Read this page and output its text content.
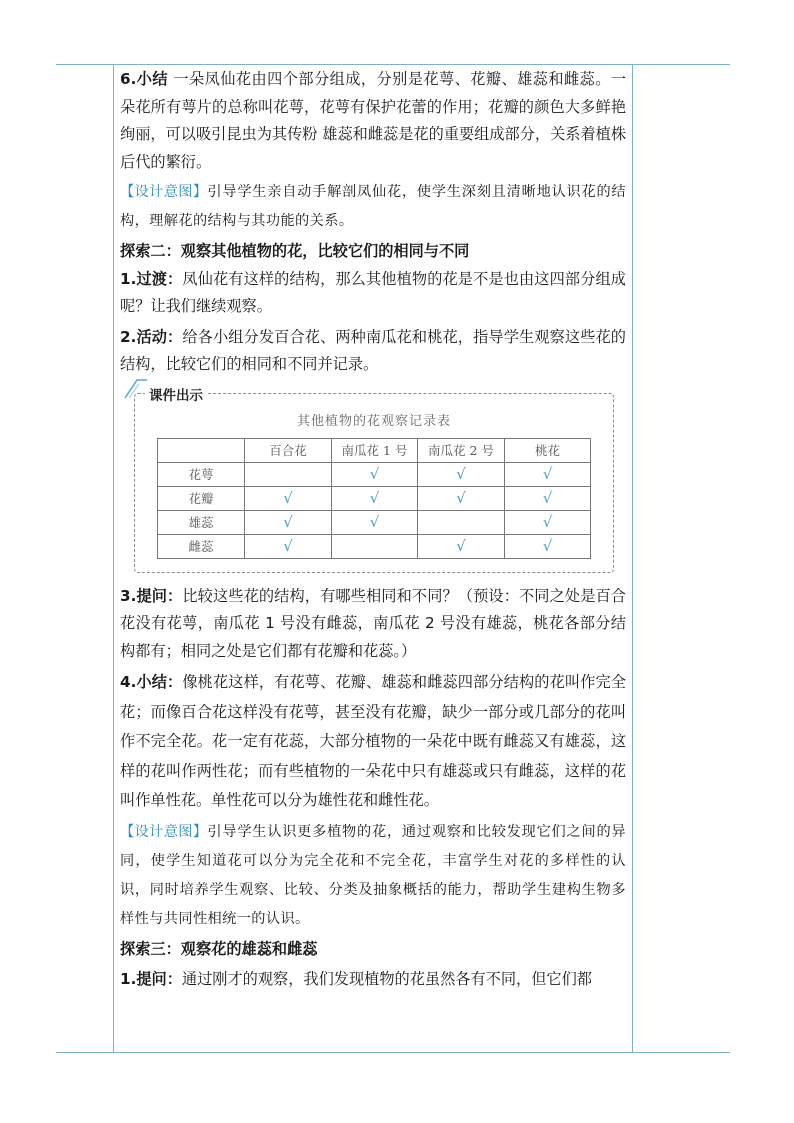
6.小结 一朵凤仙花由四个部分组成，分别是花萼、花瓣、雄蕊和雌蕊。一朵花所有萼片的总称叫花萼，花萼有保护花蕾的作用；花瓣的颜色大多鲜艳绚丽，可以吸引昆虫为其传粉 雄蕊和雌蕊是花的重要组成部分，关系着植株后代的繁衍。

【设计意图】引导学生亲自动手解剖凤仙花，使学生深刻且清晰地认识花的结构，理解花的结构与其功能的关系。

探索二：观察其他植物的花，比较它们的相同与不同

1.过渡：凤仙花有这样的结构，那么其他植物的花是不是也由这四部分组成呢？让我们继续观察。

2.活动：给各小组分发百合花、两种南瓜花和桃花，指导学生观察这些花的结构，比较它们的相同和不同并记录。

课件出示
其他植物的花观察记录表
	百合花	南瓜花 1 号	南瓜花 2 号	桃花
花萼		√	√	√
花瓣	√	√	√	√
雄蕊	√	√		√
雌蕊	√		√	√

3.提问：比较这些花的结构，有哪些相同和不同？（预设：不同之处是百合花没有花萼，南瓜花 1 号没有雌蕊，南瓜花 2 号没有雄蕊，桃花各部分结构都有；相同之处是它们都有花瓣和花蕊。）

4.小结：像桃花这样，有花萼、花瓣、雄蕊和雌蕊四部分结构的花叫作完全花；而像百合花这样没有花萼，甚至没有花瓣，缺少一部分或几部分的花叫作不完全花。花一定有花蕊，大部分植物的一朵花中既有雌蕊又有雄蕊，这样的花叫作两性花；而有些植物的一朵花中只有雄蕊或只有雌蕊，这样的花叫作单性花。单性花可以分为雄性花和雌性花。

【设计意图】引导学生认识更多植物的花，通过观察和比较发现它们之间的异同，使学生知道花可以分为完全花和不完全花，丰富学生对花的多样性的认识，同时培养学生观察、比较、分类及抽象概括的能力，帮助学生建构生物多样性与共同性相统一的认识。

探索三：观察花的雄蕊和雌蕊

1.提问：通过刚才的观察，我们发现植物的花虽然各有不同，但它们都
